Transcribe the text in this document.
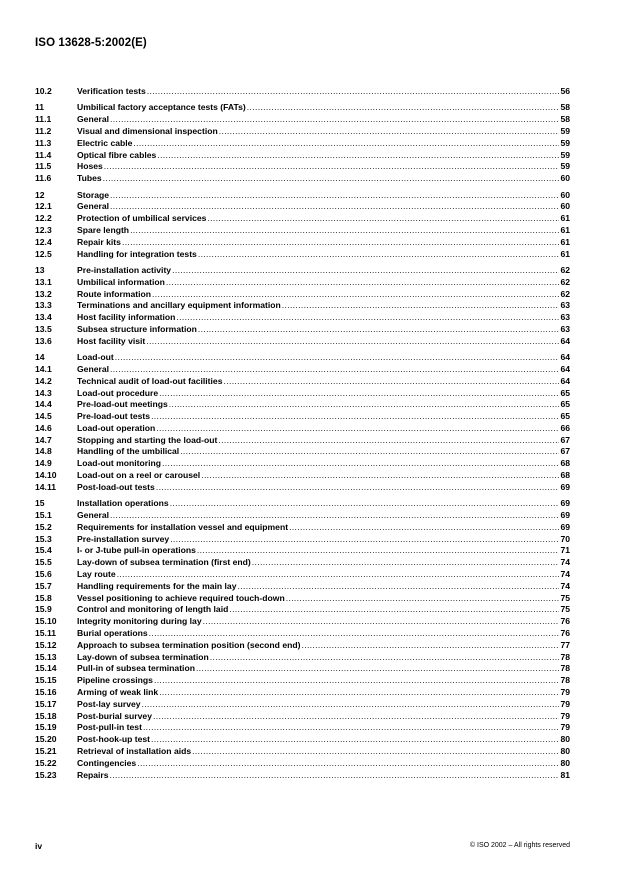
ISO 13628-5:2002(E)
10.2	Verification tests .....	56
11	Umbilical factory acceptance tests (FATs) .....	58
11.1	General .....	58
11.2	Visual and dimensional inspection .....	59
11.3	Electric cable .....	59
11.4	Optical fibre cables .....	59
11.5	Hoses .....	59
11.6	Tubes .....	60
12	Storage .....	60
12.1	General .....	60
12.2	Protection of umbilical services .....	61
12.3	Spare length .....	61
12.4	Repair kits .....	61
12.5	Handling for integration tests .....	61
13	Pre-installation activity .....	62
13.1	Umbilical information .....	62
13.2	Route information .....	62
13.3	Terminations and ancillary equipment information .....	63
13.4	Host facility information .....	63
13.5	Subsea structure information .....	63
13.6	Host facility visit .....	64
14	Load-out .....	64
14.1	General .....	64
14.2	Technical audit of load-out facilities .....	64
14.3	Load-out procedure .....	65
14.4	Pre-load-out meetings .....	65
14.5	Pre-load-out tests .....	65
14.6	Load-out operation .....	66
14.7	Stopping and starting the load-out .....	67
14.8	Handling of the umbilical .....	67
14.9	Load-out monitoring .....	68
14.10	Load-out on a reel or carousel .....	68
14.11	Post-load-out tests .....	69
15	Installation operations .....	69
15.1	General .....	69
15.2	Requirements for installation vessel and equipment .....	69
15.3	Pre-installation survey .....	70
15.4	I- or J-tube pull-in operations .....	71
15.5	Lay-down of subsea termination (first end) .....	74
15.6	Lay route .....	74
15.7	Handling requirements for the main lay .....	74
15.8	Vessel positioning to achieve required touch-down .....	75
15.9	Control and monitoring of length laid .....	75
15.10	Integrity monitoring during lay .....	76
15.11	Burial operations .....	76
15.12	Approach to subsea termination position (second end) .....	77
15.13	Lay-down of subsea termination .....	78
15.14	Pull-in of subsea termination .....	78
15.15	Pipeline crossings .....	78
15.16	Arming of weak link .....	79
15.17	Post-lay survey .....	79
15.18	Post-burial survey .....	79
15.19	Post-pull-in test .....	79
15.20	Post-hook-up test .....	80
15.21	Retrieval of installation aids .....	80
15.22	Contingencies .....	80
15.23	Repairs .....	81
iv	© ISO 2002 – All rights reserved
